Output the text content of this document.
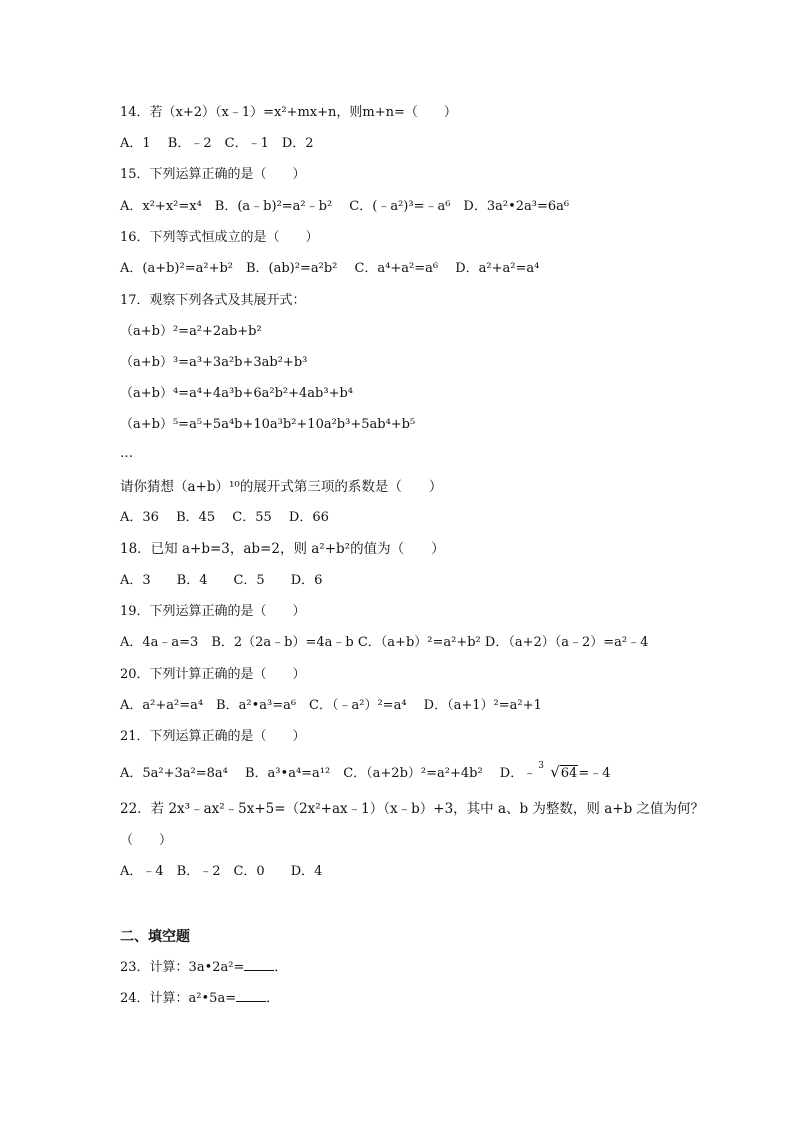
14．若（x+2）（x﹣1）=x²+mx+n，则m+n=（　　）
A．1　 B．﹣2　C．﹣1　D．2
15．下列运算正确的是（　　）
A．x²+x²=x⁴　B．(a﹣b)²=a²﹣b²　 C．(﹣a²)³=﹣a⁶　D．3a²•2a³=6a⁶
16．下列等式恒成立的是（　　）
A．(a+b)²=a²+b²　B．(ab)²=a²b²　 C．a⁴+a²=a⁶　 D．a²+a²=a⁴
17．观察下列各式及其展开式：
（a+b）²=a²+2ab+b²
（a+b）³=a³+3a²b+3ab²+b³
（a+b）⁴=a⁴+4a³b+6a²b²+4ab³+b⁴
（a+b）⁵=a⁵+5a⁴b+10a³b²+10a²b³+5ab⁴+b⁵
…
请你猜想（a+b）¹⁰的展开式第三项的系数是（　　）
A．36　 B．45　 C．55　 D．66
18．已知 a+b=3，ab=2，则 a²+b²的值为（　　）
A．3　　B．4　　C．5　　D．6
19．下列运算正确的是（　　）
A．4a﹣a=3　B．2（2a﹣b）=4a﹣b C．（a+b）²=a²+b² D．（a+2）（a﹣2）=a²﹣4
20．下列计算正确的是（　　）
A．a²+a²=a⁴　B．a²•a³=a⁶　C．（﹣a²）²=a⁴　 D．（a+1）²=a²+1
21．下列运算正确的是（　　）
A．5a²+3a²=8a⁴　 B．a³•a⁴=a¹²　C．（a+2b）²=a²+4b²　 D．﹣ 3 √64=﹣4
22．若 2x³﹣ax²﹣5x+5=（2x²+ax﹣1）（x﹣b）+3，其中 a、b 为整数，则 a+b 之值为何？
（　　）
A．﹣4　B．﹣2　C．0　　D．4
二、填空题
23．计算：3a•2a²= ．
24．计算：a²•5a= ．
